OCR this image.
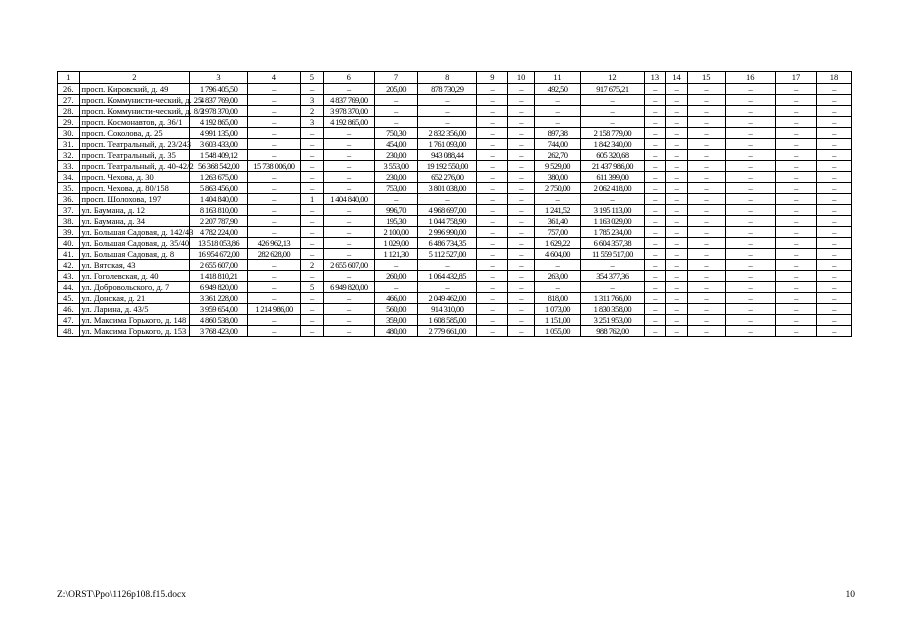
1	2	3	4	5	6	7	8	9	10	11	12	13	14	15	16	17	18
26.	просп. Кировский, д. 49	1 796 405,50	–	–	–	205,00	878 730,29	–	–	492,50	917 675,21	–	–	–	–	–	–
27.	просп. Коммунисти-ческий, д. 25	4 837 769,00	–	3	4 837 769,00	–	–	–	–	–	–	–	–	–	–	–	–
28.	просп. Коммунисти-ческий, д. 8/2	3 978 370,00	–	2	3 978 370,00	–	–	–	–	–	–	–	–	–	–	–	–
29.	просп. Космонавтов, д. 36/1	4 192 865,00	–	3	4 192 865,00	–	–	–	–	–	–	–	–	–	–	–	–
30.	просп. Соколова, д. 25	4 991 135,00	–	–	–	750,30	2 832 356,00	–	–	897,38	2 158 779,00	–	–	–	–	–	–
31.	просп. Театральный, д. 23/243	3 603 433,00	–	–	–	454,00	1 761 093,00	–	–	744,00	1 842 340,00	–	–	–	–	–	–
32.	просп. Театральный, д. 35	1 548 409,12	–	–	–	230,00	943 088,44	–	–	262,70	605 320,68	–	–	–	–	–	–
33.	просп. Театральный, д. 40-42/2	56 368 542,00	15 738 006,00	–	–	3 553,00	19 192 550,00	–	–	9 529,00	21 437 986,00	–	–	–	–	–	–
34.	просп. Чехова, д. 30	1 263 675,00	–	–	–	230,00	652 276,00	–	–	380,00	611 399,00	–	–	–	–	–	–
35.	просп. Чехова, д. 80/158	5 863 456,00	–	–	–	753,00	3 801 038,00	–	–	2 750,00	2 062 418,00	–	–	–	–	–	–
36.	просп. Шолохова, 197	1 404 840,00	–	1	1 404 840,00	–	–	–	–	–	–	–	–	–	–	–	–
37.	ул. Баумана, д. 12	8 163 810,00	–	–	–	996,70	4 968 697,00	–	–	1 241,52	3 195 113,00	–	–	–	–	–	–
38.	ул. Баумана, д. 34	2 207 787,90	–	–	–	195,30	1 044 758,90	–	–	361,40	1 163 029,00	–	–	–	–	–	–
39.	ул. Большая Садовая, д. 142/43	4 782 224,00	–	–	–	2 100,00	2 996 990,00	–	–	757,00	1 785 234,00	–	–	–	–	–	–
40.	ул. Большая Садовая, д. 35/40	13 518 053,86	426 962,13	–	–	1 029,00	6 486 734,35	–	–	1 629,22	6 604 357,38	–	–	–	–	–	–
41.	ул. Большая Садовая, д. 8	16 954 672,00	282 628,00	–	–	1 121,30	5 112 527,00	–	–	4 604,00	11 559 517,00	–	–	–	–	–	–
42.	ул. Вятская, 43	2 655 607,00	–	2	2 655 607,00	–	–	–	–	–	–	–	–	–	–	–	–
43.	ул. Гоголевская, д. 40	1 418 810,21	–	–	–	260,00	1 064 432,85	–	–	263,00	354 377,36	–	–	–	–	–	–
44.	ул. Добровольского, д. 7	6 949 820,00	–	5	6 949 820,00	–	–	–	–	–	–	–	–	–	–	–	–
45.	ул. Донская, д. 21	3 361 228,00	–	–	–	466,00	2 049 462,00	–	–	818,00	1 311 766,00	–	–	–	–	–	–
46.	ул. Ларина, д. 43/5	3 959 654,00	1 214 986,00	–	–	560,00	914 310,00	–	–	1 073,00	1 830 358,00	–	–	–	–	–	–
47.	ул. Максима Горького, д. 148	4 860 538,00	–	–	–	359,00	1 608 585,00	–	–	1 151,00	3 251 953,00	–	–	–	–	–	–
48.	ул. Максима Горького, д. 153	3 768 423,00	–	–	–	480,00	2 779 661,00	–	–	1 055,00	988 762,00	–	–	–	–	–	–
Z:\ORST\Ppo\1126p108.f15.docx	10
